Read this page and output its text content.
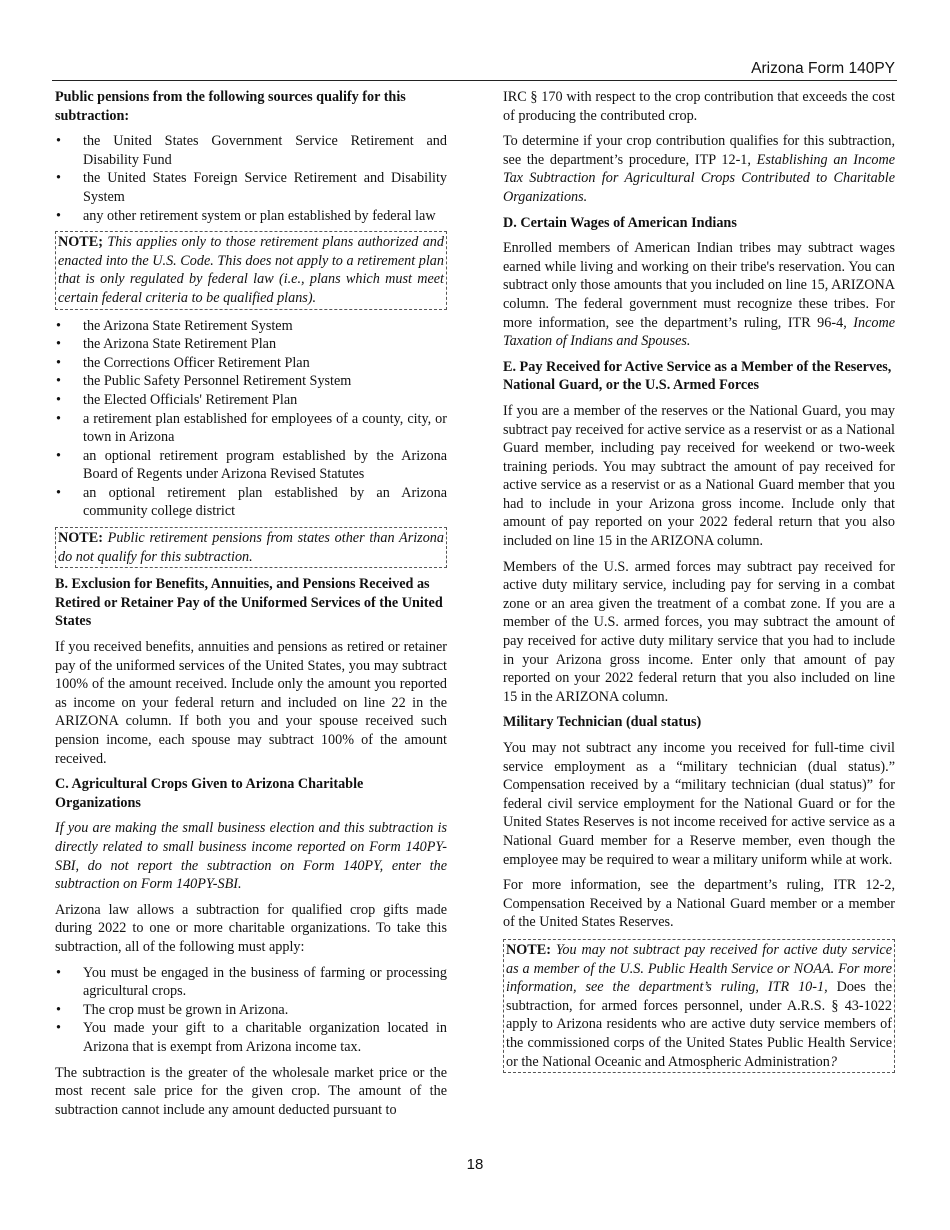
Arizona Form 140PY
Public pensions from the following sources qualify for this subtraction:
• the United States Government Service Retirement and Disability Fund
• the United States Foreign Service Retirement and Disability System
• any other retirement system or plan established by federal law
NOTE; This applies only to those retirement plans authorized and enacted into the U.S. Code. This does not apply to a retirement plan that is only regulated by federal law (i.e., plans which must meet certain federal criteria to be qualified plans).
• the Arizona State Retirement System
• the Arizona State Retirement Plan
• the Corrections Officer Retirement Plan
• the Public Safety Personnel Retirement System
• the Elected Officials' Retirement Plan
• a retirement plan established for employees of a county, city, or town in Arizona
• an optional retirement program established by the Arizona Board of Regents under Arizona Revised Statutes
• an optional retirement plan established by an Arizona community college district
NOTE: Public retirement pensions from states other than Arizona do not qualify for this subtraction.
B. Exclusion for Benefits, Annuities, and Pensions Received as Retired or Retainer Pay of the Uniformed Services of the United States
If you received benefits, annuities and pensions as retired or retainer pay of the uniformed services of the United States, you may subtract 100% of the amount received. Include only the amount you reported as income on your federal return and included on line 22 in the ARIZONA column. If both you and your spouse received such pension income, each spouse may subtract 100% of the amount received.
C. Agricultural Crops Given to Arizona Charitable Organizations
If you are making the small business election and this subtraction is directly related to small business income reported on Form 140PY-SBI, do not report the subtraction on Form 140PY, enter the subtraction on Form 140PY-SBI.
Arizona law allows a subtraction for qualified crop gifts made during 2022 to one or more charitable organizations. To take this subtraction, all of the following must apply:
• You must be engaged in the business of farming or processing agricultural crops.
• The crop must be grown in Arizona.
• You made your gift to a charitable organization located in Arizona that is exempt from Arizona income tax.
The subtraction is the greater of the wholesale market price or the most recent sale price for the given crop. The amount of the subtraction cannot include any amount deducted pursuant to
IRC § 170 with respect to the crop contribution that exceeds the cost of producing the contributed crop.
To determine if your crop contribution qualifies for this subtraction, see the department’s procedure, ITP 12-1, Establishing an Income Tax Subtraction for Agricultural Crops Contributed to Charitable Organizations.
D. Certain Wages of American Indians
Enrolled members of American Indian tribes may subtract wages earned while living and working on their tribe's reservation. You can subtract only those amounts that you included on line 15, ARIZONA column. The federal government must recognize these tribes. For more information, see the department’s ruling, ITR 96-4, Income Taxation of Indians and Spouses.
E. Pay Received for Active Service as a Member of the Reserves, National Guard, or the U.S. Armed Forces
If you are a member of the reserves or the National Guard, you may subtract pay received for active service as a reservist or as a National Guard member, including pay received for weekend or two-week training periods. You may subtract the amount of pay received for active service as a reservist or as a National Guard member that you had to include in your Arizona gross income. Include only that amount of pay reported on your 2022 federal return that you also included on line 15 in the ARIZONA column.
Members of the U.S. armed forces may subtract pay received for active duty military service, including pay for serving in a combat zone or an area given the treatment of a combat zone. If you are a member of the U.S. armed forces, you may subtract the amount of pay received for active duty military service that you had to include in your Arizona gross income. Enter only that amount of pay reported on your 2022 federal return that you also included on line 15 in the ARIZONA column.
Military Technician (dual status)
You may not subtract any income you received for full-time civil service employment as a “military technician (dual status).” Compensation received by a “military technician (dual status)” for federal civil service employment for the National Guard or for the United States Reserves is not income received for active service as a National Guard member for a Reserve member, even though the employee may be required to wear a military uniform while at work.
For more information, see the department’s ruling, ITR 12-2, Compensation Received by a National Guard member or a member of the United States Reserves.
NOTE: You may not subtract pay received for active duty service as a member of the U.S. Public Health Service or NOAA. For more information, see the department’s ruling, ITR 10-1, Does the subtraction, for armed forces personnel, under A.R.S. § 43-1022 apply to Arizona residents who are active duty service members of the commissioned corps of the United States Public Health Service or the National Oceanic and Atmospheric Administration?
18
